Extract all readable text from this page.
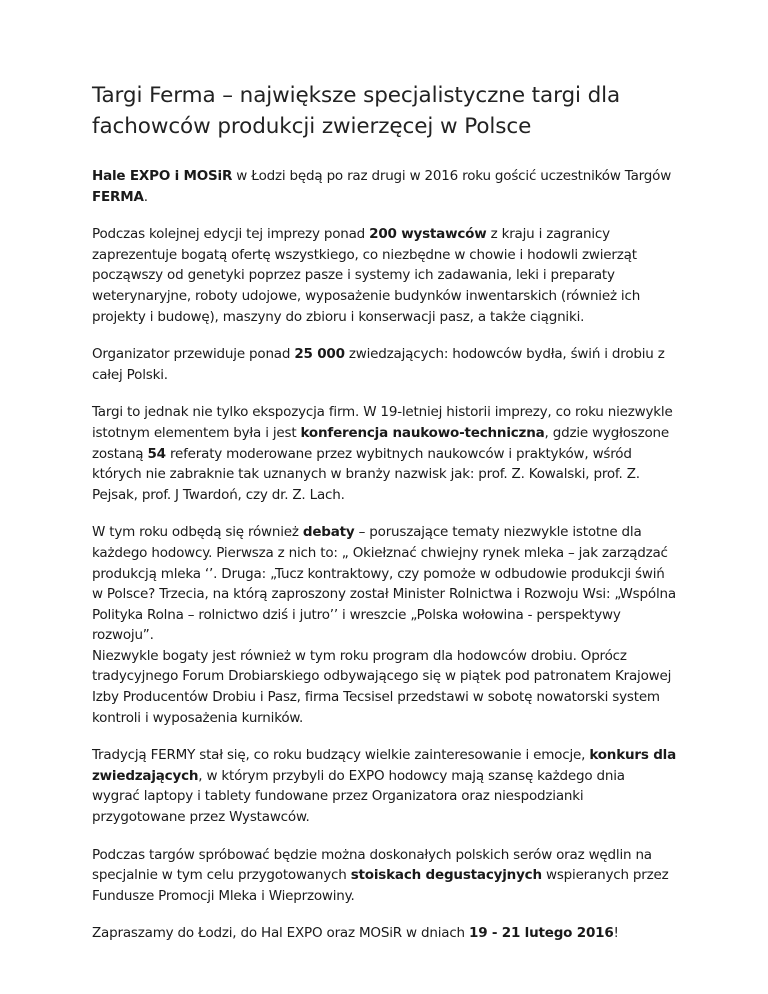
Targi Ferma – największe specjalistyczne targi dla fachowców produkcji zwierzęcej w Polsce

Hale EXPO i MOSiR w Łodzi będą po raz drugi w 2016 roku gościć uczestników Targów FERMA.

Podczas kolejnej edycji tej imprezy ponad 200 wystawców z kraju i zagranicy zaprezentuje bogatą ofertę wszystkiego, co niezbędne w chowie i hodowli zwierząt począwszy od genetyki poprzez pasze i systemy ich zadawania, leki i preparaty weterynaryjne, roboty udojowe, wyposażenie budynków inwentarskich (również ich projekty i budowę), maszyny do zbioru i konserwacji pasz, a także ciągniki.

Organizator przewiduje ponad 25 000 zwiedzających: hodowców bydła, świń i drobiu z całej Polski.

Targi to jednak nie tylko ekspozycja firm. W 19-letniej historii imprezy, co roku niezwykle istotnym elementem była i jest konferencja naukowo-techniczna, gdzie wygłoszone zostaną 54 referaty moderowane przez wybitnych naukowców i praktyków, wśród których nie zabraknie tak uznanych w branży nazwisk jak: prof. Z. Kowalski, prof. Z. Pejsak, prof. J Twardoń, czy dr. Z. Lach.

W tym roku odbędą się również debaty – poruszające tematy niezwykle istotne dla każdego hodowcy. Pierwsza z nich to: „ Okiełznać chwiejny rynek mleka – jak zarządzać produkcją mleka ‘’. Druga: „Tucz kontraktowy, czy pomoże w odbudowie produkcji świń w Polsce? Trzecia, na którą zaproszony został Minister Rolnictwa i Rozwoju Wsi: „Wspólna Polityka Rolna – rolnictwo dziś i jutro’’ i wreszcie „Polska wołowina - perspektywy rozwoju”.

Niezwykle bogaty jest również w tym roku program dla hodowców drobiu. Oprócz tradycyjnego Forum Drobiarskiego odbywającego się w piątek pod patronatem Krajowej Izby Producentów Drobiu i Pasz, firma Tecsisel przedstawi w sobotę nowatorski system kontroli i wyposażenia kurników.

Tradycją FERMY stał się, co roku budzący wielkie zainteresowanie i emocje, konkurs dla zwiedzających, w którym przybyli do EXPO hodowcy mają szansę każdego dnia wygrać laptopy i tablety fundowane przez Organizatora oraz niespodzianki przygotowane przez Wystawców.

Podczas targów spróbować będzie można doskonałych polskich serów oraz wędlin na specjalnie w tym celu przygotowanych stoiskach degustacyjnych wspieranych przez Fundusze Promocji Mleka i Wieprzowiny.

Zapraszamy do Łodzi, do Hal EXPO oraz MOSiR w dniach 19 - 21 lutego 2016!
